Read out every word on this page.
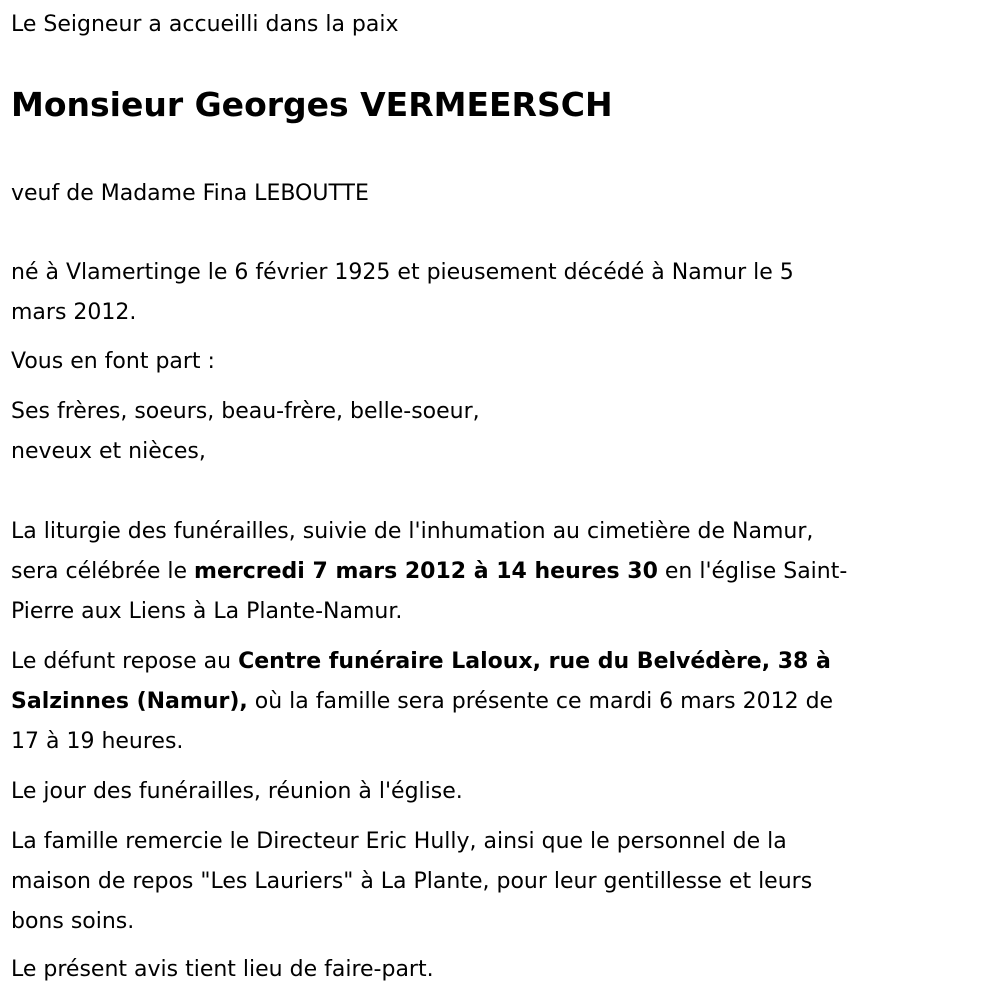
Le Seigneur a accueilli dans la paix
Monsieur Georges VERMEERSCH
veuf de Madame Fina LEBOUTTE
né à Vlamertinge le 6 février 1925 et pieusement décédé à Namur le 5
mars 2012.
Vous en font part :
Ses frères, soeurs, beau-frère, belle-soeur,
neveux et nièces,
La liturgie des funérailles, suivie de l'inhumation au cimetière de Namur,
sera célébrée le mercredi 7 mars 2012 à 14 heures 30 en l'église Saint-
Pierre aux Liens à La Plante-Namur.
Le défunt repose au Centre funéraire Laloux, rue du Belvédère, 38 à
Salzinnes (Namur), où la famille sera présente ce mardi 6 mars 2012 de
17 à 19 heures.
Le jour des funérailles, réunion à l'église.
La famille remercie le Directeur Eric Hully, ainsi que le personnel de la
maison de repos "Les Lauriers" à La Plante, pour leur gentillesse et leurs
bons soins.
Le présent avis tient lieu de faire-part.
